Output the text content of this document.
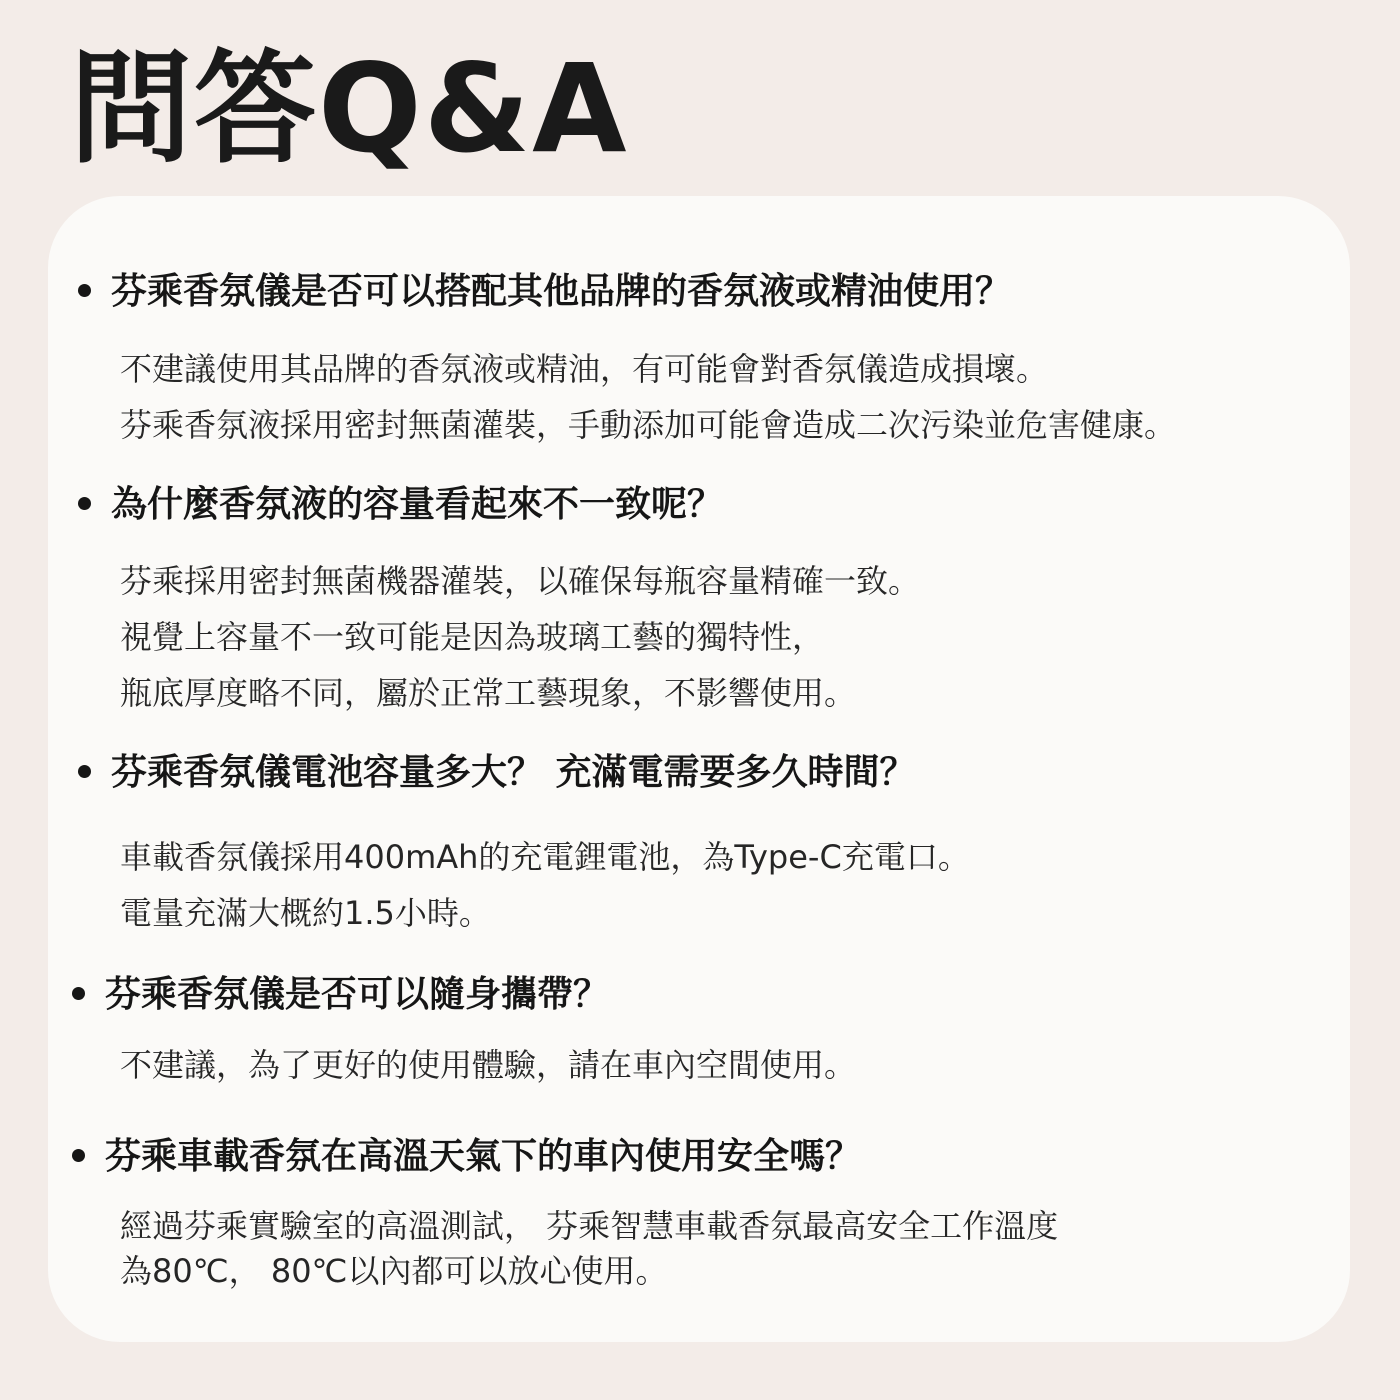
問答Q&A
芬乘香氛儀是否可以搭配其他品牌的香氛液或精油使用？
不建議使用其品牌的香氛液或精油，有可能會對香氛儀造成損壞。
芬乘香氛液採用密封無菌灌裝，手動添加可能會造成二次污染並危害健康。
為什麼香氛液的容量看起來不一致呢？
芬乘採用密封無菌機器灌裝，以確保每瓶容量精確一致。
視覺上容量不一致可能是因為玻璃工藝的獨特性，
瓶底厚度略不同，屬於正常工藝現象，不影響使用。
芬乘香氛儀電池容量多大？ 充滿電需要多久時間？
車載香氛儀採用400mAh的充電鋰電池，為Type-C充電口。
電量充滿大概約1.5小時。
芬乘香氛儀是否可以隨身攜帶？
不建議，為了更好的使用體驗，請在車內空間使用。
芬乘車載香氛在高溫天氣下的車內使用安全嗎？
經過芬乘實驗室的高溫測試， 芬乘智慧車載香氛最高安全工作溫度
為80℃， 80℃以內都可以放心使用。
